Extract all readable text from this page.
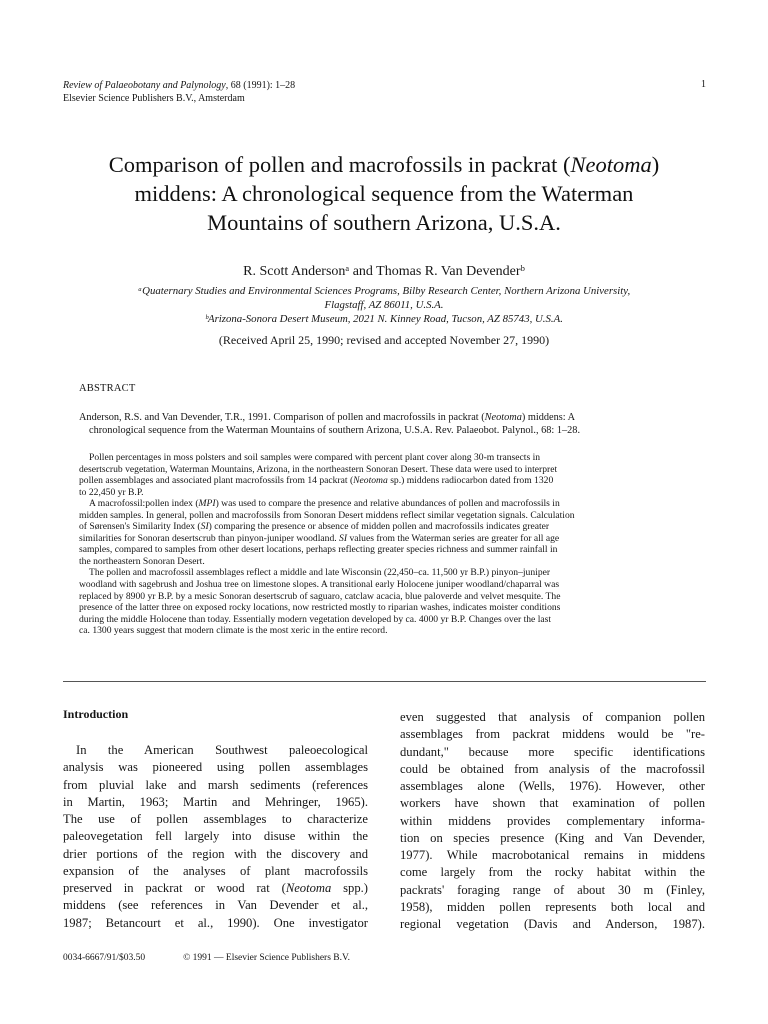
Review of Palaeobotany and Palynology, 68 (1991): 1–28
Elsevier Science Publishers B.V., Amsterdam
1
Comparison of pollen and macrofossils in packrat (Neotoma)
middens: A chronological sequence from the Waterman
Mountains of southern Arizona, U.S.A.
R. Scott Andersonᵃ and Thomas R. Van Devenderᵇ
ᵃQuaternary Studies and Environmental Sciences Programs, Bilby Research Center, Northern Arizona University,
Flagstaff, AZ 86011, U.S.A.
ᵇArizona-Sonora Desert Museum, 2021 N. Kinney Road, Tucson, AZ 85743, U.S.A.
(Received April 25, 1990; revised and accepted November 27, 1990)
ABSTRACT
Anderson, R.S. and Van Devender, T.R., 1991. Comparison of pollen and macrofossils in packrat (Neotoma) middens: A
chronological sequence from the Waterman Mountains of southern Arizona, U.S.A. Rev. Palaeobot. Palynol., 68: 1–28.
Pollen percentages in moss polsters and soil samples were compared with percent plant cover along 30-m transects in
desertscrub vegetation, Waterman Mountains, Arizona, in the northeastern Sonoran Desert. These data were used to interpret
pollen assemblages and associated plant macrofossils from 14 packrat (Neotoma sp.) middens radiocarbon dated from 1320
to 22,450 yr B.P.
A macrofossil:pollen index (MPI) was used to compare the presence and relative abundances of pollen and macrofossils in
midden samples. In general, pollen and macrofossils from Sonoran Desert middens reflect similar vegetation signals. Calculation
of Sørensen's Similarity Index (SI) comparing the presence or absence of midden pollen and macrofossils indicates greater
similarities for Sonoran desertscrub than pinyon-juniper woodland. SI values from the Waterman series are greater for all age
samples, compared to samples from other desert locations, perhaps reflecting greater species richness and summer rainfall in
the northeastern Sonoran Desert.
The pollen and macrofossil assemblages reflect a middle and late Wisconsin (22,450–ca. 11,500 yr B.P.) pinyon–juniper
woodland with sagebrush and Joshua tree on limestone slopes. A transitional early Holocene juniper woodland/chaparral was
replaced by 8900 yr B.P. by a mesic Sonoran desertscrub of saguaro, catclaw acacia, blue paloverde and velvet mesquite. The
presence of the latter three on exposed rocky locations, now restricted mostly to riparian washes, indicates moister conditions
during the middle Holocene than today. Essentially modern vegetation developed by ca. 4000 yr B.P. Changes over the last
ca. 1300 years suggest that modern climate is the most xeric in the entire record.
Introduction
In the American Southwest paleoecological
analysis was pioneered using pollen assemblages
from pluvial lake and marsh sediments (references
in Martin, 1963; Martin and Mehringer, 1965).
The use of pollen assemblages to characterize
paleovegetation fell largely into disuse within the
drier portions of the region with the discovery and
expansion of the analyses of plant macrofossils
preserved in packrat or wood rat (Neotoma spp.)
middens (see references in Van Devender et al.,
1987; Betancourt et al., 1990). One investigator
even suggested that analysis of companion pollen
assemblages from packrat middens would be "re-
dundant," because more specific identifications
could be obtained from analysis of the macrofossil
assemblages alone (Wells, 1976). However, other
workers have shown that examination of pollen
within middens provides complementary informa-
tion on species presence (King and Van Devender,
1977). While macrobotanical remains in middens
come largely from the rocky habitat within the
packrats' foraging range of about 30 m (Finley,
1958), midden pollen represents both local and
regional vegetation (Davis and Anderson, 1987).
0034-6667/91/$03.50	© 1991 — Elsevier Science Publishers B.V.
